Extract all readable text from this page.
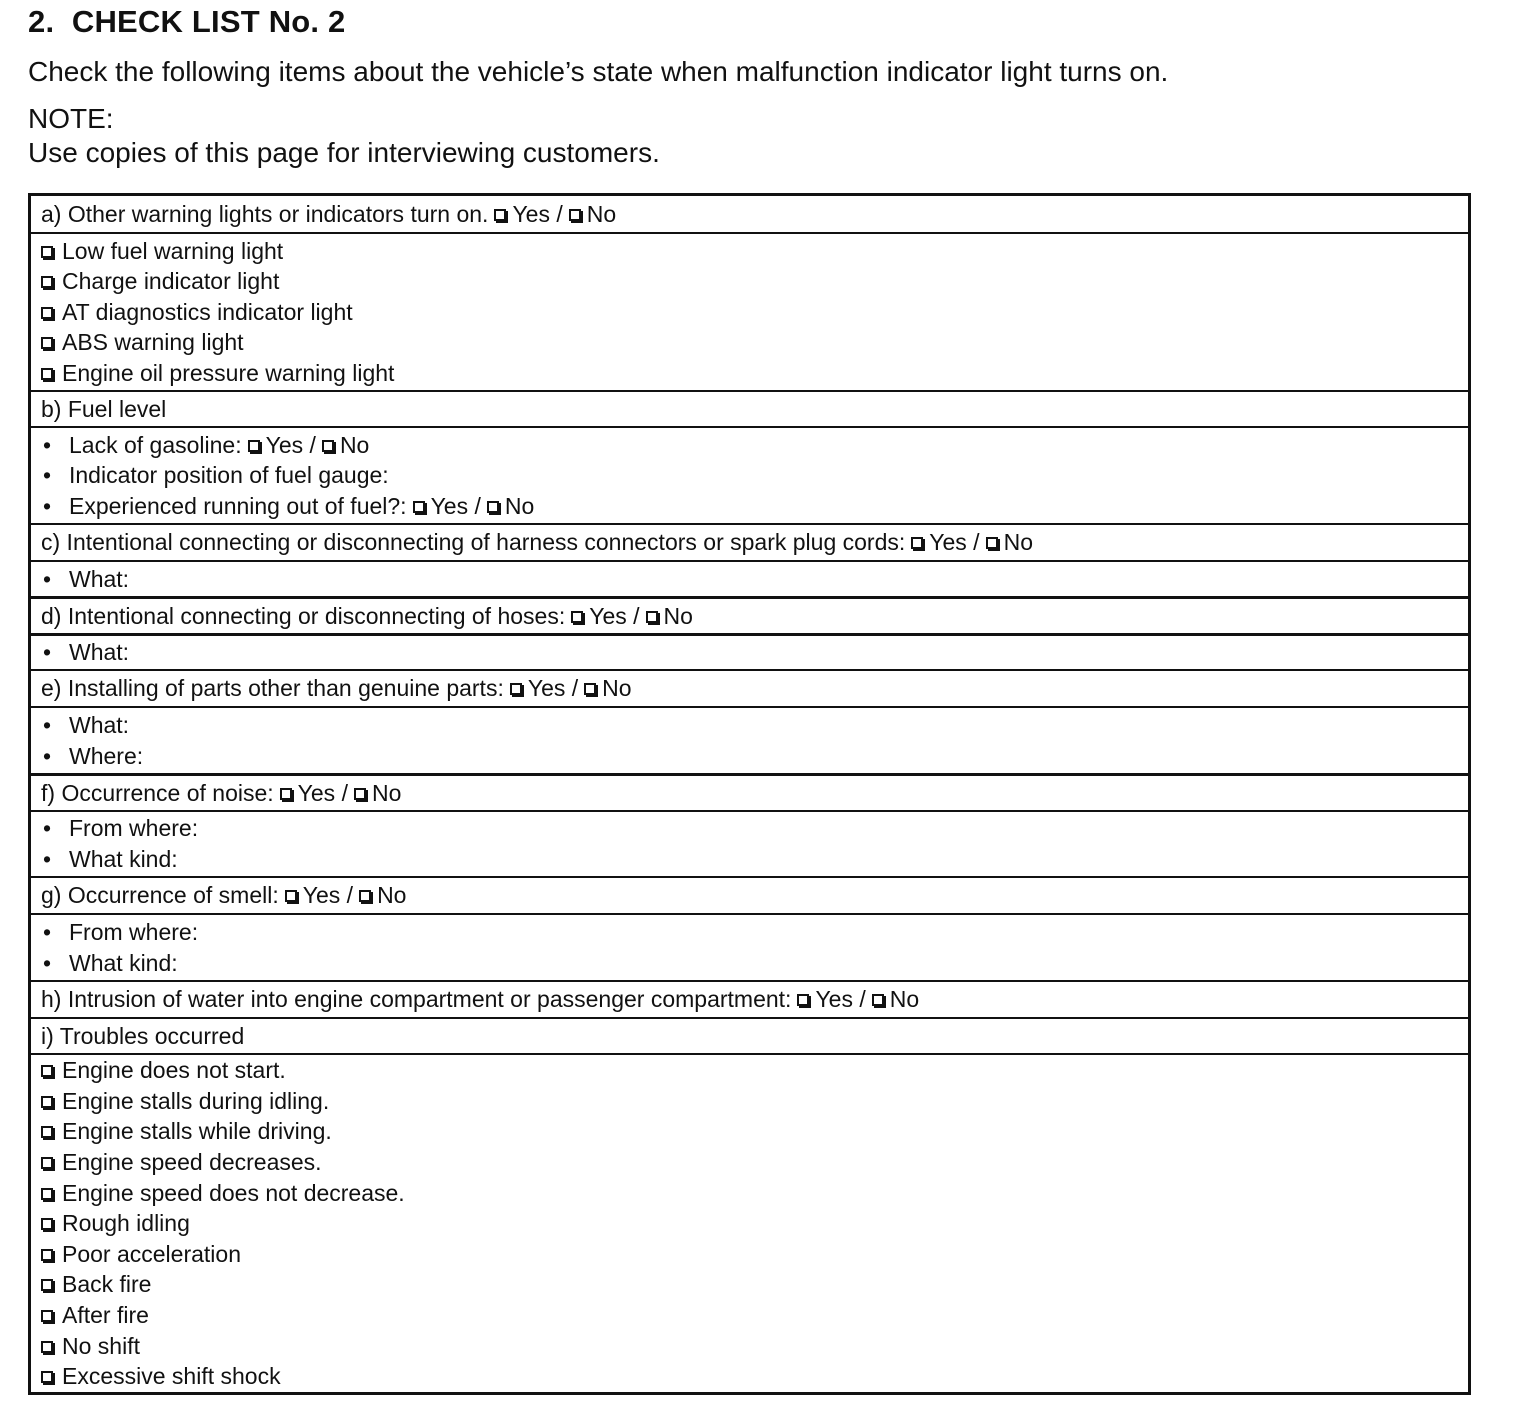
2.  CHECK LIST No. 2
Check the following items about the vehicle’s state when malfunction indicator light turns on.
NOTE:
Use copies of this page for interviewing customers.
a) Other warning lights or indicators turn on. Yes / No
Low fuel warning light
Charge indicator light
AT diagnostics indicator light
ABS warning light
Engine oil pressure warning light
b) Fuel level
• Lack of gasoline: Yes / No
• Indicator position of fuel gauge:
• Experienced running out of fuel?: Yes / No
c) Intentional connecting or disconnecting of harness connectors or spark plug cords: Yes / No
• What:
d) Intentional connecting or disconnecting of hoses: Yes / No
• What:
e) Installing of parts other than genuine parts: Yes / No
• What:
• Where:
f) Occurrence of noise: Yes / No
• From where:
• What kind:
g) Occurrence of smell: Yes / No
• From where:
• What kind:
h) Intrusion of water into engine compartment or passenger compartment: Yes / No
i) Troubles occurred
Engine does not start.
Engine stalls during idling.
Engine stalls while driving.
Engine speed decreases.
Engine speed does not decrease.
Rough idling
Poor acceleration
Back fire
After fire
No shift
Excessive shift shock
